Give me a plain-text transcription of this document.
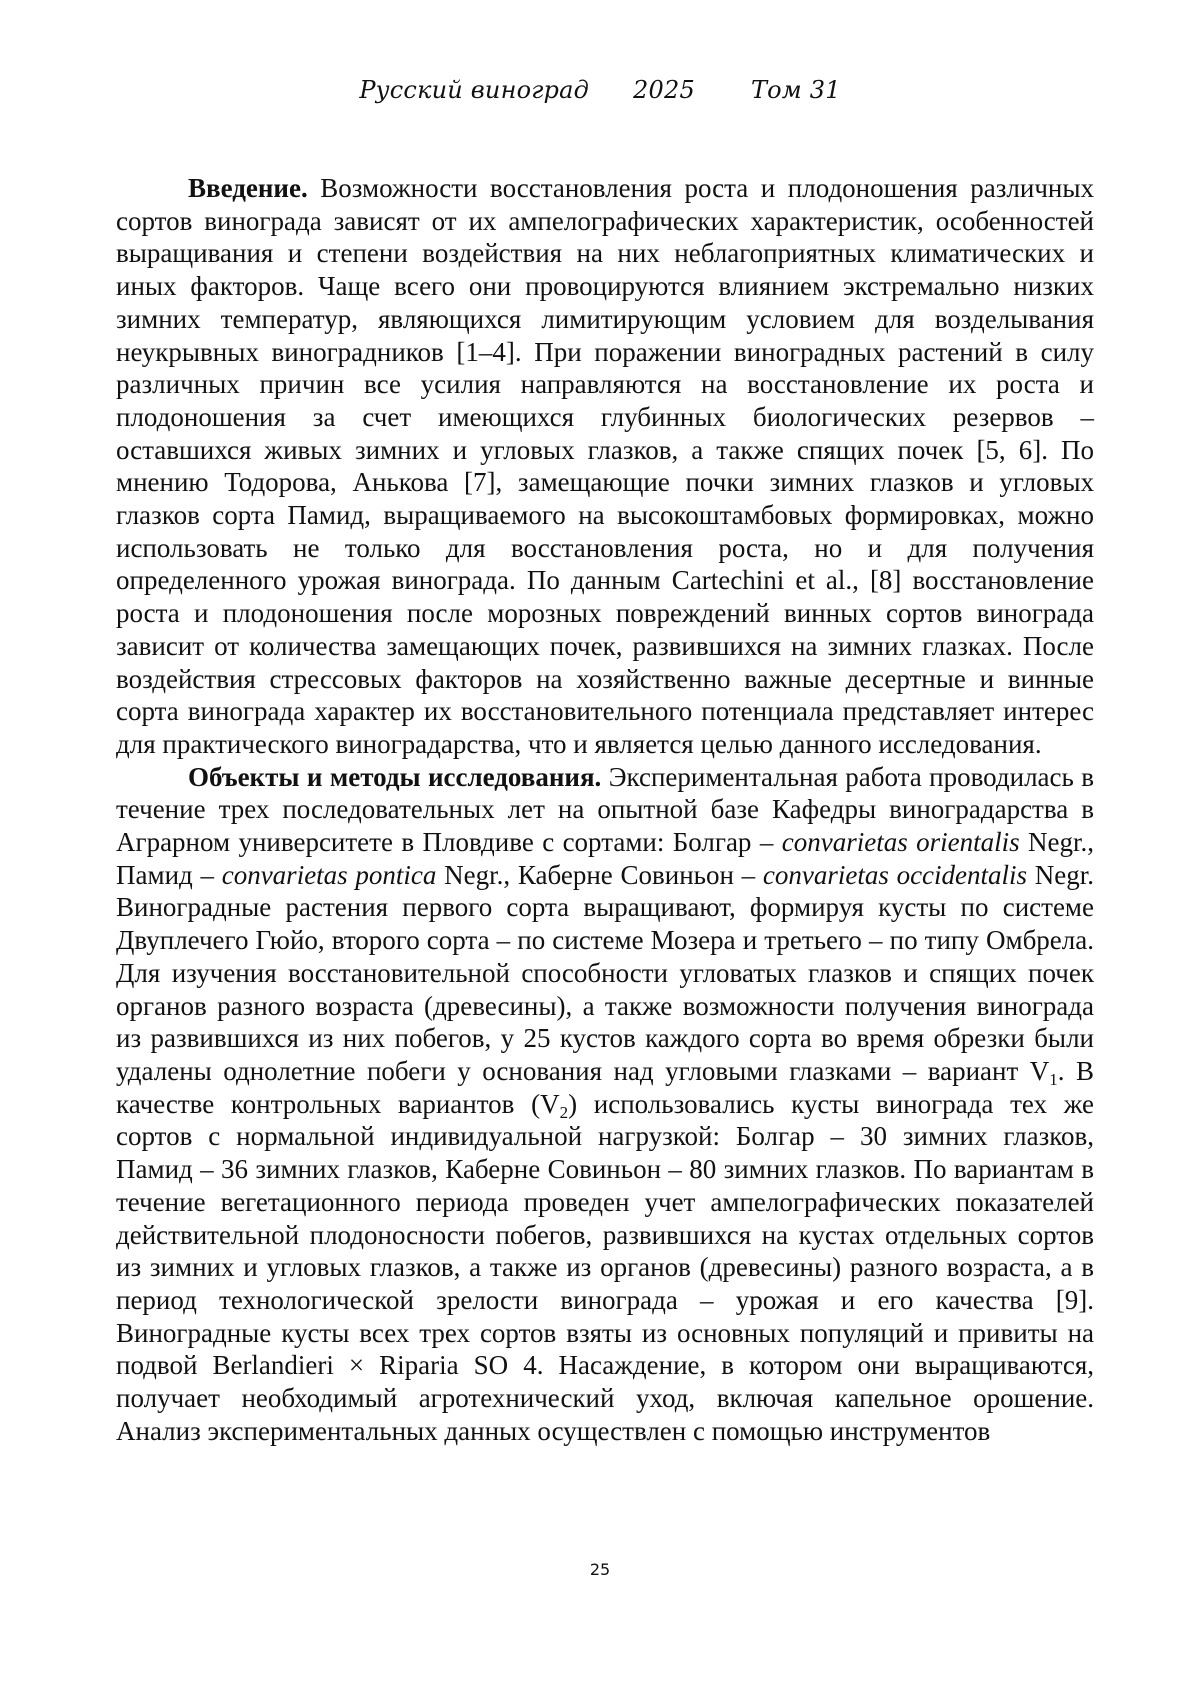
Русский виноград 2025 Том 31

Введение. Возможности восстановления роста и плодоношения различных сортов винограда зависят от их ампелографических характеристик, особенностей выращивания и степени воздействия на них неблагоприятных климатических и иных факторов. Чаще всего они провоцируются влиянием экстремально низких зимних температур, являющихся лимитирующим условием для возделывания неукрывных виноградников [1–4]. При поражении виноградных растений в силу различных причин все усилия направляются на восстановление их роста и плодоношения за счет имеющихся глубинных биологических резервов – оставшихся живых зимних и угловых глазков, а также спящих почек [5, 6]. По мнению Тодорова, Анькова [7], замещающие почки зимних глазков и угловых глазков сорта Памид, выращиваемого на высокоштамбовых формировках, можно использовать не только для восстановления роста, но и для получения определенного урожая винограда. По данным Cartechini et al., [8] восстановление роста и плодоношения после морозных повреждений винных сортов винограда зависит от количества замещающих почек, развившихся на зимних глазках. После воздействия стрессовых факторов на хозяйственно важные десертные и винные сорта винограда характер их восстановительного потенциала представляет интерес для практического виноградарства, что и является целью данного исследования.

Объекты и методы исследования. Экспериментальная работа проводилась в течение трех последовательных лет на опытной базе Кафедры виноградарства в Аграрном университете в Пловдиве с сортами: Болгар – convarietas orientalis Negr., Памид – convarietas pontica Negr., Каберне Совиньон – convarietas occidentalis Negr. Виноградные растения первого сорта выращивают, формируя кусты по системе Двуплечего Гюйо, второго сорта – по системе Мозера и третьего – по типу Омбрела. Для изучения восстановительной способности угловатых глазков и спящих почек органов разного возраста (древесины), а также возможности получения винограда из развившихся из них побегов, у 25 кустов каждого сорта во время обрезки были удалены однолетние побеги у основания над угловыми глазками – вариант $V_1$. В качестве контрольных вариантов $(V_2)$ использовались кусты винограда тех же сортов с нормальной индивидуальной нагрузкой: Болгар – 30 зимних глазков, Памид – 36 зимних глазков, Каберне Совиньон – 80 зимних глазков. По вариантам в течение вегетационного периода проведен учет ампелографических показателей действительной плодоносности побегов, развившихся на кустах отдельных сортов из зимних и угловых глазков, а также из органов (древесины) разного возраста, а в период технологической зрелости винограда – урожая и его качества [9]. Виноградные кусты всех трех сортов взяты из основных популяций и привиты на подвой Berlandieri × Riparia SO 4. Насаждение, в котором они выращиваются, получает необходимый агротехнический уход, включая капельное орошение. Анализ экспериментальных данных осуществлен с помощью инструментов

25
